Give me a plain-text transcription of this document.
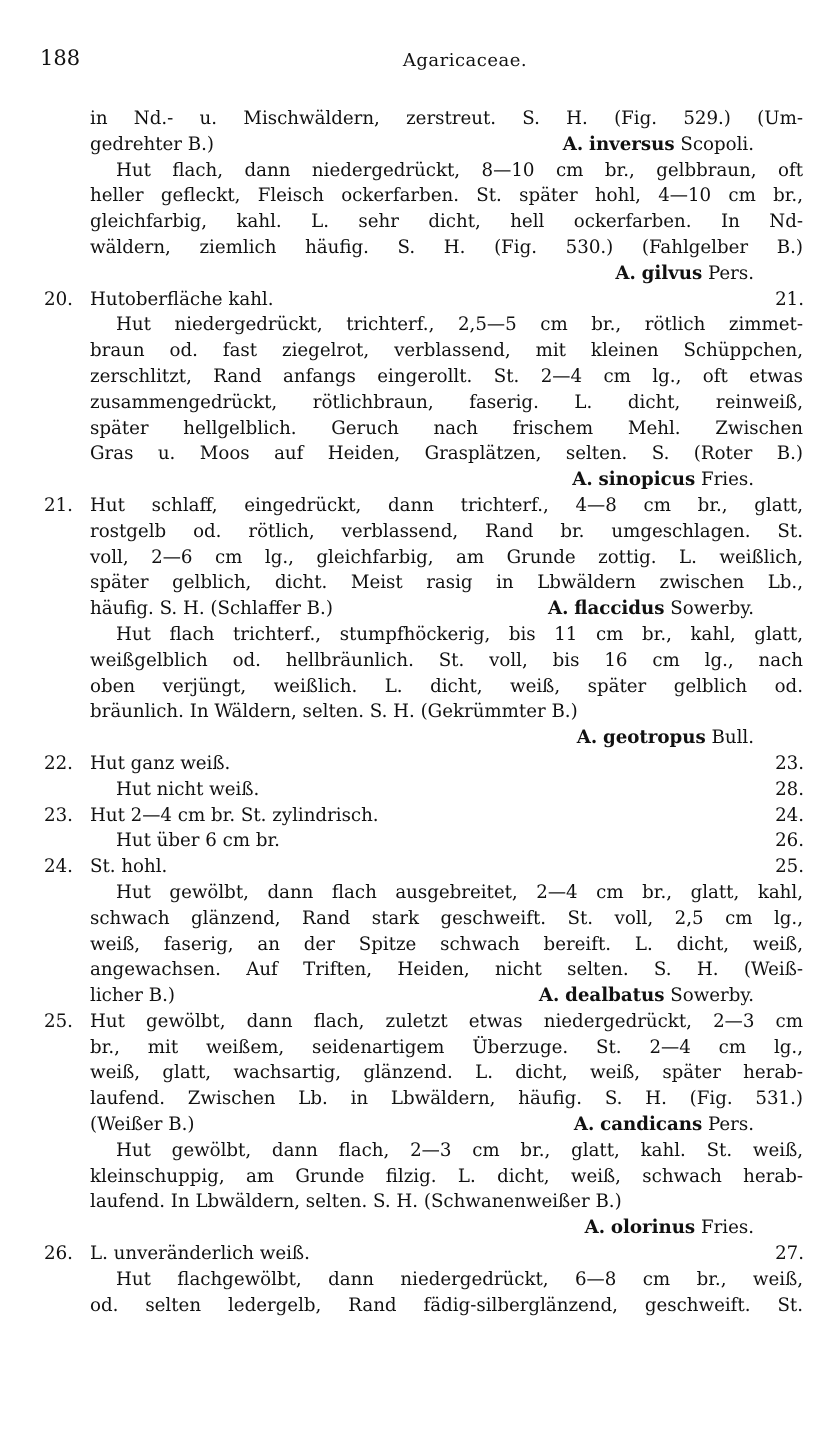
188	Agaricaceae.
in Nd.- u. Mischwäldern, zerstreut. S. H. (Fig. 529.) (Um-
gedrehter B.)	A. inversus Scopoli.
Hut flach, dann niedergedrückt, 8—10 cm br., gelbbraun, oft
heller gefleckt, Fleisch ockerfarben. St. später hohl, 4—10 cm br.,
gleichfarbig, kahl. L. sehr dicht, hell ockerfarben. In Nd-
wäldern, ziemlich häufig. S. H. (Fig. 530.) (Fahlgelber B.)
A. gilvus Pers.
20. Hutoberfläche kahl.	21.
Hut niedergedrückt, trichterf., 2,5—5 cm br., rötlich zimmet-
braun od. fast ziegelrot, verblassend, mit kleinen Schüppchen,
zerschlitzt, Rand anfangs eingerollt. St. 2—4 cm lg., oft etwas
zusammengedrückt, rötlichbraun, faserig. L. dicht, reinweiß,
später hellgelblich. Geruch nach frischem Mehl. Zwischen
Gras u. Moos auf Heiden, Grasplätzen, selten. S. (Roter B.)
A. sinopicus Fries.
21. Hut schlaff, eingedrückt, dann trichterf., 4—8 cm br., glatt,
rostgelb od. rötlich, verblassend, Rand br. umgeschlagen. St.
voll, 2—6 cm lg., gleichfarbig, am Grunde zottig. L. weißlich,
später gelblich, dicht. Meist rasig in Lbwäldern zwischen Lb.,
häufig. S. H. (Schlaffer B.)	A. flaccidus Sowerby.
Hut flach trichterf., stumpfhöckerig, bis 11 cm br., kahl, glatt,
weißgelblich od. hellbräunlich. St. voll, bis 16 cm lg., nach
oben verjüngt, weißlich. L. dicht, weiß, später gelblich od.
bräunlich. In Wäldern, selten. S. H. (Gekrümmter B.)
A. geotropus Bull.
22. Hut ganz weiß.	23.
Hut nicht weiß.	28.
23. Hut 2—4 cm br. St. zylindrisch.	24.
Hut über 6 cm br.	26.
24. St. hohl.	25.
Hut gewölbt, dann flach ausgebreitet, 2—4 cm br., glatt, kahl,
schwach glänzend, Rand stark geschweift. St. voll, 2,5 cm lg.,
weiß, faserig, an der Spitze schwach bereift. L. dicht, weiß,
angewachsen. Auf Triften, Heiden, nicht selten. S. H. (Weiß-
licher B.)	A. dealbatus Sowerby.
25. Hut gewölbt, dann flach, zuletzt etwas niedergedrückt, 2—3 cm
br., mit weißem, seidenartigem Überzuge. St. 2—4 cm lg.,
weiß, glatt, wachsartig, glänzend. L. dicht, weiß, später herab-
laufend. Zwischen Lb. in Lbwäldern, häufig. S. H. (Fig. 531.)
(Weißer B.)	A. candicans Pers.
Hut gewölbt, dann flach, 2—3 cm br., glatt, kahl. St. weiß,
kleinschuppig, am Grunde filzig. L. dicht, weiß, schwach herab-
laufend. In Lbwäldern, selten. S. H. (Schwanenweißer B.)
A. olorinus Fries.
26. L. unveränderlich weiß.	27.
Hut flachgewölbt, dann niedergedrückt, 6—8 cm br., weiß,
od. selten ledergelb, Rand fädig-silberglänzend, geschweift. St.
